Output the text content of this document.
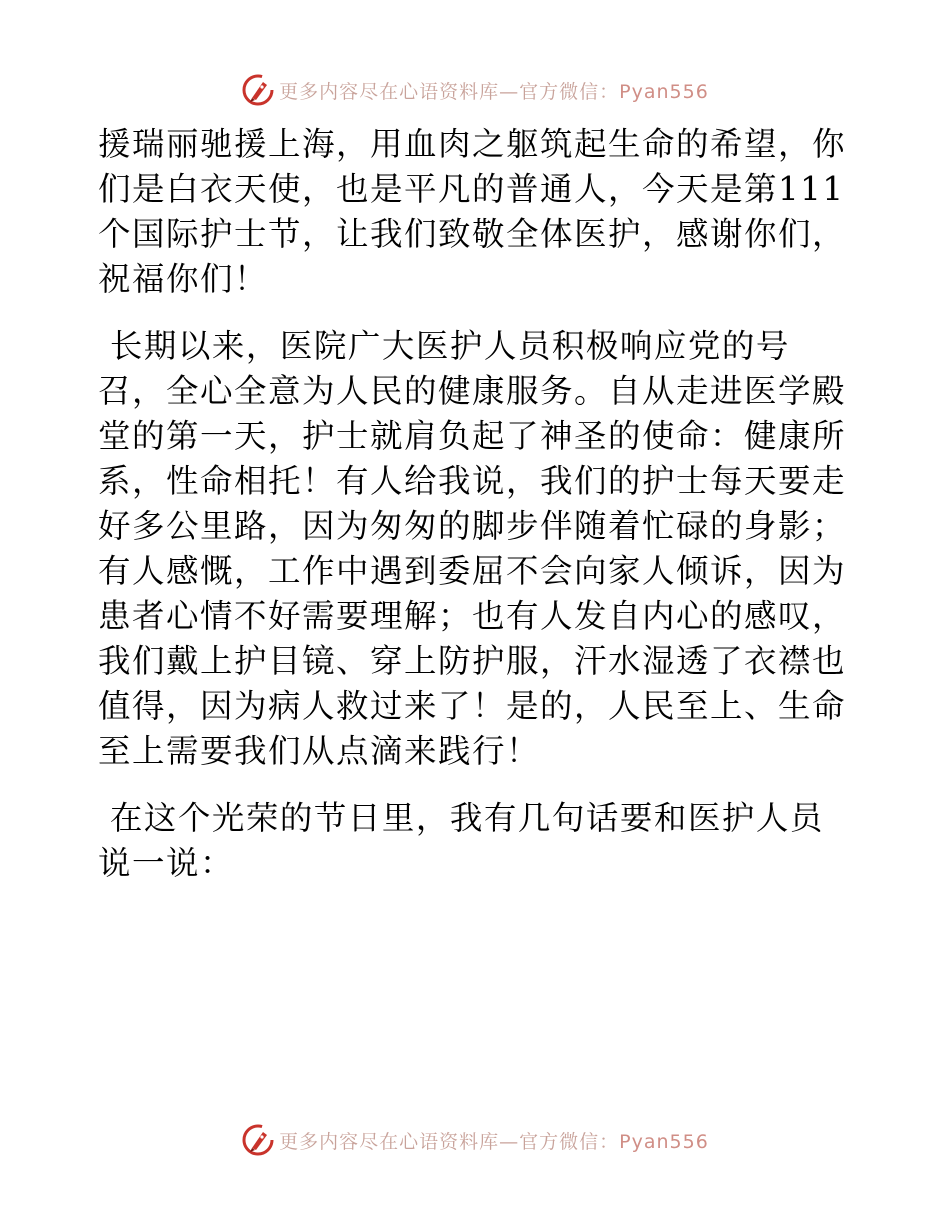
更多内容尽在心语资料库—官方微信：Pyan556
援瑞丽驰援上海，用血肉之躯筑起生命的希望，你
们是白衣天使，也是平凡的普通人，今天是第111
个国际护士节，让我们致敬全体医护，感谢你们，
祝福你们！
长期以来，医院广大医护人员积极响应党的号
召，全心全意为人民的健康服务。自从走进医学殿
堂的第一天，护士就肩负起了神圣的使命：健康所
系，性命相托！有人给我说，我们的护士每天要走
好多公里路，因为匆匆的脚步伴随着忙碌的身影；
有人感慨，工作中遇到委屈不会向家人倾诉，因为
患者心情不好需要理解；也有人发自内心的感叹，
我们戴上护目镜、穿上防护服，汗水湿透了衣襟也
值得，因为病人救过来了！是的，人民至上、生命
至上需要我们从点滴来践行！
在这个光荣的节日里，我有几句话要和医护人员
说一说：
更多内容尽在心语资料库—官方微信：Pyan556
